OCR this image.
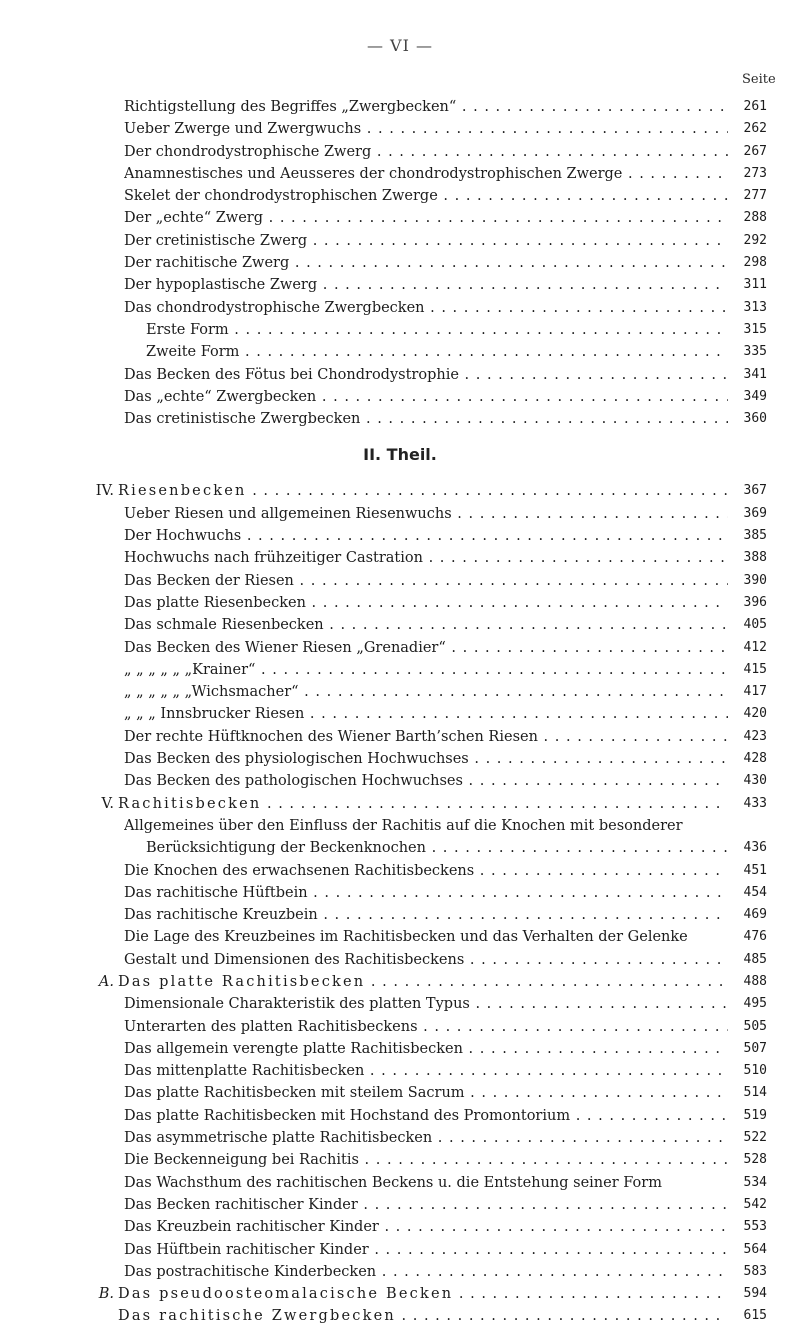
— VI —
Seite
Richtigstellung des Begriffes „Zwergbecken“ . . .	261
Ueber Zwerge und Zwergwuchs . . .	262
Der chondrodystrophische Zwerg . . .	267
Anamnestisches und Aeusseres der chondrodystrophischen Zwerge . . .	273
Skelet der chondrodystrophischen Zwerge . . .	277
Der „echte“ Zwerg . . .	288
Der cretinistische Zwerg . . .	292
Der rachitische Zwerg . . .	298
Der hypoplastische Zwerg . . .	311
Das chondrodystrophische Zwergbecken . . .	313
Erste Form . . .	315
Zweite Form . . .	335
Das Becken des Fötus bei Chondrodystrophie . . .	341
Das „echte“ Zwergbecken . . .	349
Das cretinistische Zwergbecken . . .	360
II. Theil.
IV. Riesenbecken . . .	367
Ueber Riesen und allgemeinen Riesenwuchs . . .	369
Der Hochwuchs . . .	385
Hochwuchs nach frühzeitiger Castration . . .	388
Das Becken der Riesen . . .	390
Das platte Riesenbecken . . .	396
Das schmale Riesenbecken . . .	405
Das Becken des Wiener Riesen „Grenadier“ . . .	412
„ „ „ „ „ „Krainer“ . . .	415
„ „ „ „ „ „Wichsmacher“ . . .	417
„ „ „ Innsbrucker Riesen . . .	420
Der rechte Hüftknochen des Wiener Barth’schen Riesen . . .	423
Das Becken des physiologischen Hochwuchses . . .	428
Das Becken des pathologischen Hochwuchses . . .	430
V. Rachitisbecken . . .	433
Allgemeines über den Einfluss der Rachitis auf die Knochen mit besonderer
Berücksichtigung der Beckenknochen . . .	436
Die Knochen des erwachsenen Rachitisbeckens . . .	451
Das rachitische Hüftbein . . .	454
Das rachitische Kreuzbein . . .	469
Die Lage des Kreuzbeines im Rachitisbecken und das Verhalten der Gelenke	476
Gestalt und Dimensionen des Rachitisbeckens . . .	485
A. Das platte Rachitisbecken . . .	488
Dimensionale Charakteristik des platten Typus . . .	495
Unterarten des platten Rachitisbeckens . . .	505
Das allgemein verengte platte Rachitisbecken . . .	507
Das mittenplatte Rachitisbecken . . .	510
Das platte Rachitisbecken mit steilem Sacrum . . .	514
Das platte Rachitisbecken mit Hochstand des Promontorium . . .	519
Das asymmetrische platte Rachitisbecken . . .	522
Die Beckenneigung bei Rachitis . . .	528
Das Wachsthum des rachitischen Beckens u. die Entstehung seiner Form	534
Das Becken rachitischer Kinder . . .	542
Das Kreuzbein rachitischer Kinder . . .	553
Das Hüftbein rachitischer Kinder . . .	564
Das postrachitische Kinderbecken . . .	583
B. Das pseudoosteomalacische Becken . . .	594
Das rachitische Zwergbecken . . .	615
